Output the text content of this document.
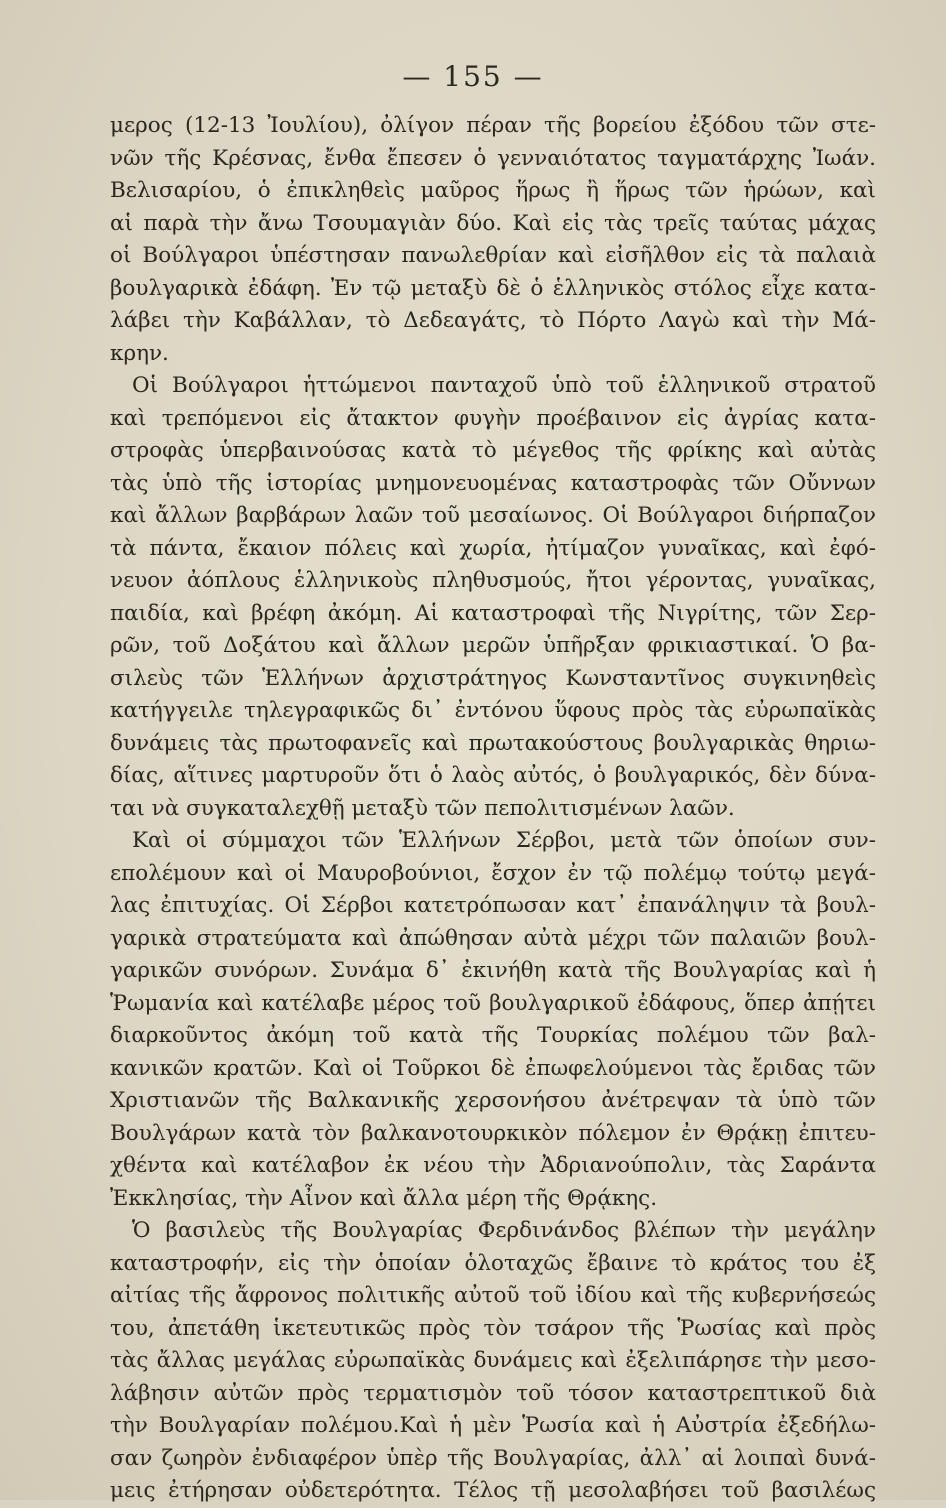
— 155 —
μερος (12-13 Ἰουλίου), ὀλίγον πέραν τῆς βορείου ἐξόδου τῶν στε-
νῶν τῆς Κρέσνας, ἔνθα ἔπεσεν ὁ γενναιότατος ταγματάρχης Ἰωάν.
Βελισαρίου, ὁ ἐπικληθεὶς μαῦρος ἥρως ἢ ἥρως τῶν ἡρώων, καὶ
αἱ παρὰ τὴν ἄνω Τσουμαγιὰν δύο. Καὶ εἰς τὰς τρεῖς ταύτας μάχας
οἱ Βούλγαροι ὑπέστησαν πανωλεθρίαν καὶ εἰσῆλθον εἰς τὰ παλαιὰ
βουλγαρικὰ ἐδάφη. Ἐν τῷ μεταξὺ δὲ ὁ ἑλληνικὸς στόλος εἶχε κατα-
λάβει τὴν Καβάλλαν, τὸ Δεδεαγάτς, τὸ Πόρτο Λαγὼ καὶ τὴν Μά-
κρην.
Οἱ Βούλγαροι ἡττώμενοι πανταχοῦ ὑπὸ τοῦ ἑλληνικοῦ στρατοῦ
καὶ τρεπόμενοι εἰς ἄτακτον φυγὴν προέβαινον εἰς ἀγρίας κατα-
στροφὰς ὑπερβαινούσας κατὰ τὸ μέγεθος τῆς φρίκης καὶ αὐτὰς
τὰς ὑπὸ τῆς ἱστορίας μνημονευομένας καταστροφὰς τῶν Οὔννων
καὶ ἄλλων βαρβάρων λαῶν τοῦ μεσαίωνος. Οἱ Βούλγαροι διήρπαζον
τὰ πάντα, ἔκαιον πόλεις καὶ χωρία, ἠτίμαζον γυναῖκας, καὶ ἐφό-
νευον ἀόπλους ἑλληνικοὺς πληθυσμούς, ἤτοι γέροντας, γυναῖκας,
παιδία, καὶ βρέφη ἀκόμη. Αἱ καταστροφαὶ τῆς Νιγρίτης, τῶν Σερ-
ρῶν, τοῦ Δοξάτου καὶ ἄλλων μερῶν ὑπῆρξαν φρικιαστικαί. Ὁ βα-
σιλεὺς τῶν Ἑλλήνων ἀρχιστράτηγος Κωνσταντῖνος συγκινηθεὶς
κατήγγειλε τηλεγραφικῶς δι᾽ ἐντόνου ὕφους πρὸς τὰς εὐρωπαϊκὰς
δυνάμεις τὰς πρωτοφανεῖς καὶ πρωτακούστους βουλγαρικὰς θηριω-
δίας, αἵτινες μαρτυροῦν ὅτι ὁ λαὸς αὐτός, ὁ βουλγαρικός, δὲν δύνα-
ται νὰ συγκαταλεχθῇ μεταξὺ τῶν πεπολιτισμένων λαῶν.
Καὶ οἱ σύμμαχοι τῶν Ἑλλήνων Σέρβοι, μετὰ τῶν ὁποίων συν-
επολέμουν καὶ οἱ Μαυροβούνιοι, ἔσχον ἐν τῷ πολέμῳ τούτῳ μεγά-
λας ἐπιτυχίας. Οἱ Σέρβοι κατετρόπωσαν κατ᾽ ἐπανάληψιν τὰ βουλ-
γαρικὰ στρατεύματα καὶ ἀπώθησαν αὐτὰ μέχρι τῶν παλαιῶν βουλ-
γαρικῶν συνόρων. Συνάμα δ᾽ ἐκινήθη κατὰ τῆς Βουλγαρίας καὶ ἡ
Ῥωμανία καὶ κατέλαβε μέρος τοῦ βουλγαρικοῦ ἐδάφους, ὅπερ ἀπῄτει
διαρκοῦντος ἀκόμη τοῦ κατὰ τῆς Τουρκίας πολέμου τῶν βαλ-
κανικῶν κρατῶν. Καὶ οἱ Τοῦρκοι δὲ ἐπωφελούμενοι τὰς ἔριδας τῶν
Χριστιανῶν τῆς Βαλκανικῆς χερσονήσου ἀνέτρεψαν τὰ ὑπὸ τῶν
Βουλγάρων κατὰ τὸν βαλκανοτουρκικὸν πόλεμον ἐν Θρᾴκῃ ἐπιτευ-
χθέντα καὶ κατέλαβον ἐκ νέου τὴν Ἀδριανούπολιν, τὰς Σαράντα
Ἐκκλησίας, τὴν Αἶνον καὶ ἄλλα μέρη τῆς Θρᾴκης.
Ὁ βασιλεὺς τῆς Βουλγαρίας Φερδινάνδος βλέπων τὴν μεγάλην
καταστροφήν, εἰς τὴν ὁποίαν ὁλοταχῶς ἔβαινε τὸ κράτος του ἐξ
αἰτίας τῆς ἄφρονος πολιτικῆς αὐτοῦ τοῦ ἰδίου καὶ τῆς κυβερνήσεώς
του, ἀπετάθη ἱκετευτικῶς πρὸς τὸν τσάρον τῆς Ῥωσίας καὶ πρὸς
τὰς ἄλλας μεγάλας εὐρωπαϊκὰς δυνάμεις καὶ ἐξελιπάρησε τὴν μεσο-
λάβησιν αὐτῶν πρὸς τερματισμὸν τοῦ τόσον καταστρεπτικοῦ διὰ
τὴν Βουλγαρίαν πολέμου.Καὶ ἡ μὲν Ῥωσία καὶ ἡ Αὐστρία ἐξεδήλω-
σαν ζωηρὸν ἐνδιαφέρον ὑπὲρ τῆς Βουλγαρίας, ἀλλ᾽ αἱ λοιπαὶ δυνά-
μεις ἐτήρησαν οὐδετερότητα. Τέλος τῇ μεσολαβήσει τοῦ βασιλέως
